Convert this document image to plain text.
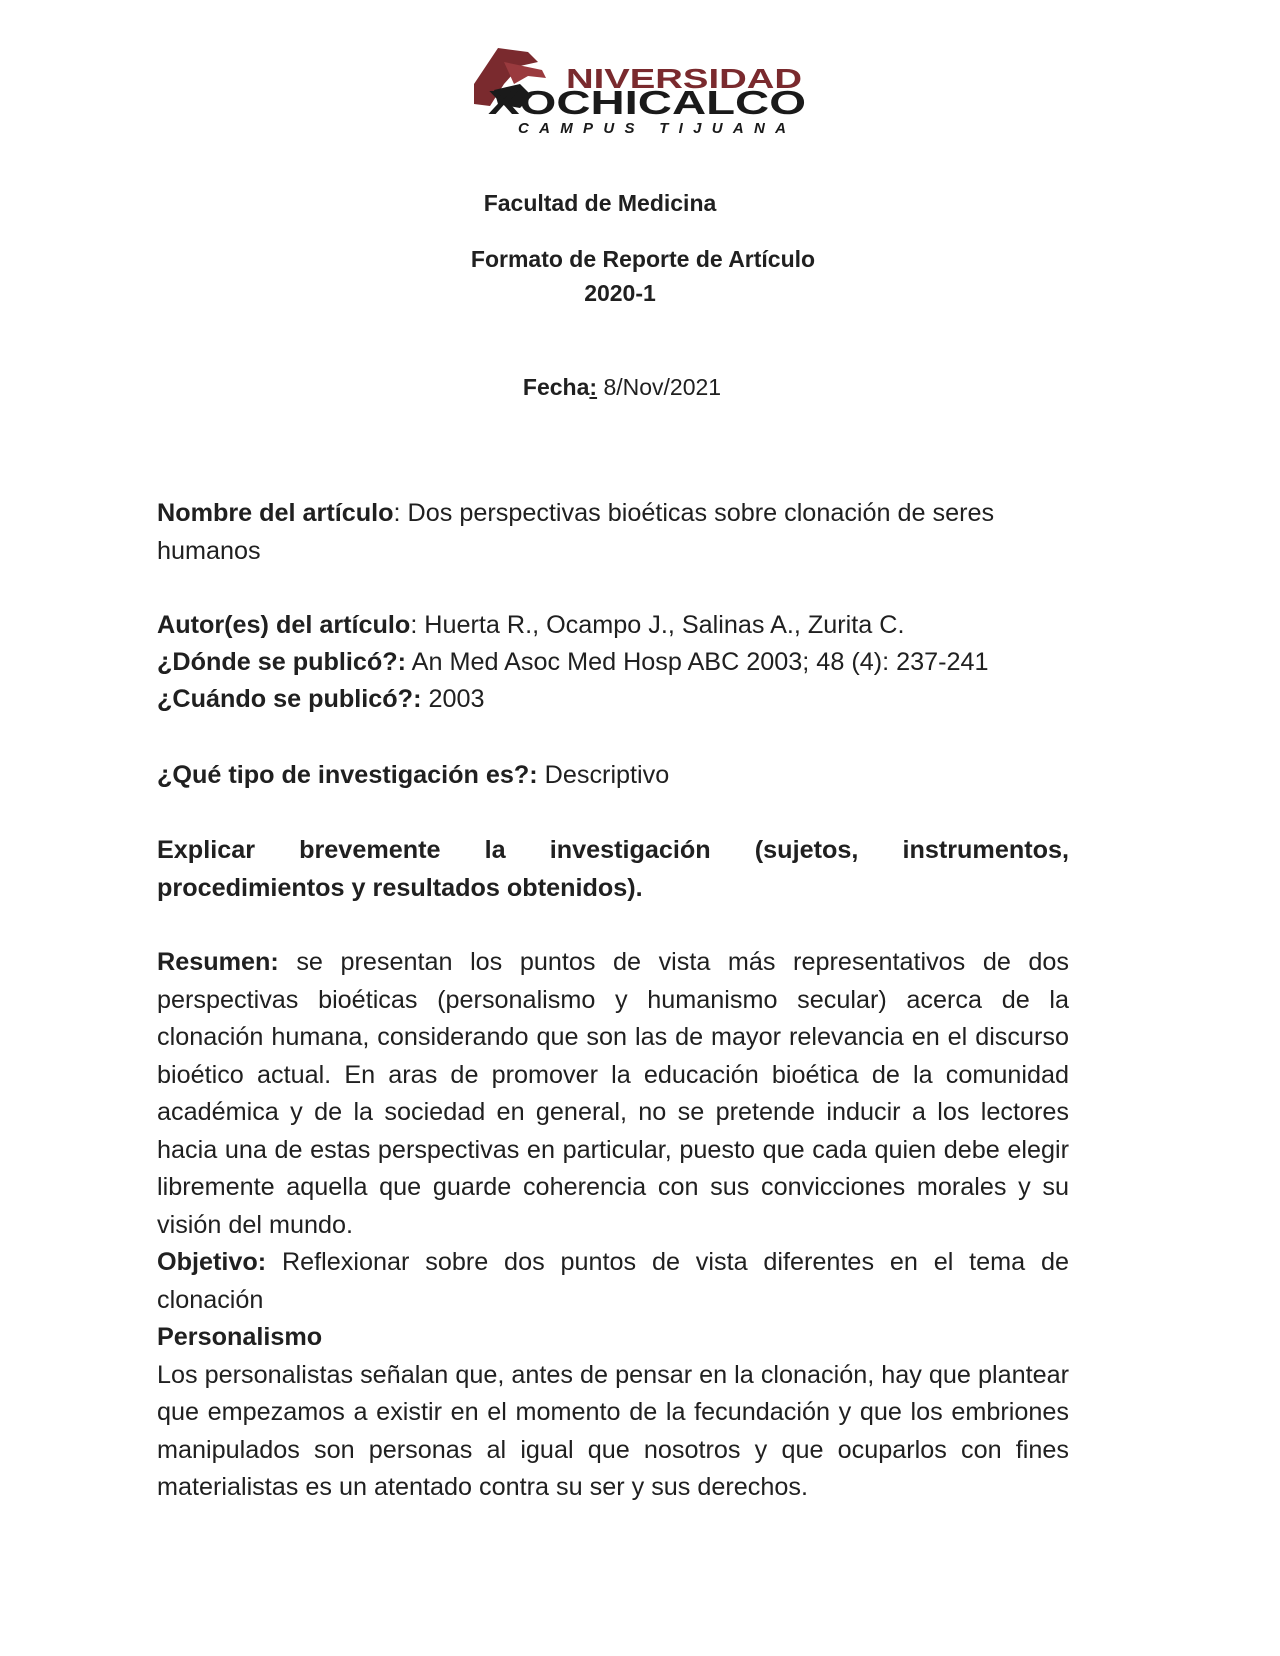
NIVERSIDAD
XOCHICALCO
CAMPUS TIJUANA
Facultad de Medicina
Formato de Reporte de Artículo
2020-1
Fecha: 8/Nov/2021
Nombre del artículo: Dos perspectivas bioéticas sobre clonación de seres humanos
Autor(es) del artículo: Huerta R., Ocampo J., Salinas A., Zurita C.
¿Dónde se publicó?: An Med Asoc Med Hosp ABC 2003; 48 (4): 237-241
¿Cuándo se publicó?: 2003
¿Qué tipo de investigación es?: Descriptivo

Explicar brevemente la investigación (sujetos, instrumentos,

procedimientos y resultados obtenidos).

Resumen: se presentan los puntos de vista más representativos de dos perspectivas bioéticas (personalismo y humanismo secular) acerca de la clonación humana, considerando que son las de mayor relevancia en el discurso bioético actual. En aras de promover la educación bioética de la comunidad académica y de la sociedad en general, no se pretende inducir a los lectores hacia una de estas perspectivas en particular, puesto que cada quien debe elegir libremente aquella que guarde coherencia con sus convicciones morales y su visión del mundo.

Objetivo: Reflexionar sobre dos puntos de vista diferentes en el tema de clonación

Personalismo

Los personalistas señalan que, antes de pensar en la clonación, hay que plantear que empezamos a existir en el momento de la fecundación y que los embriones manipulados son personas al igual que nosotros y que ocuparlos con fines materialistas es un atentado contra su ser y sus derechos.
